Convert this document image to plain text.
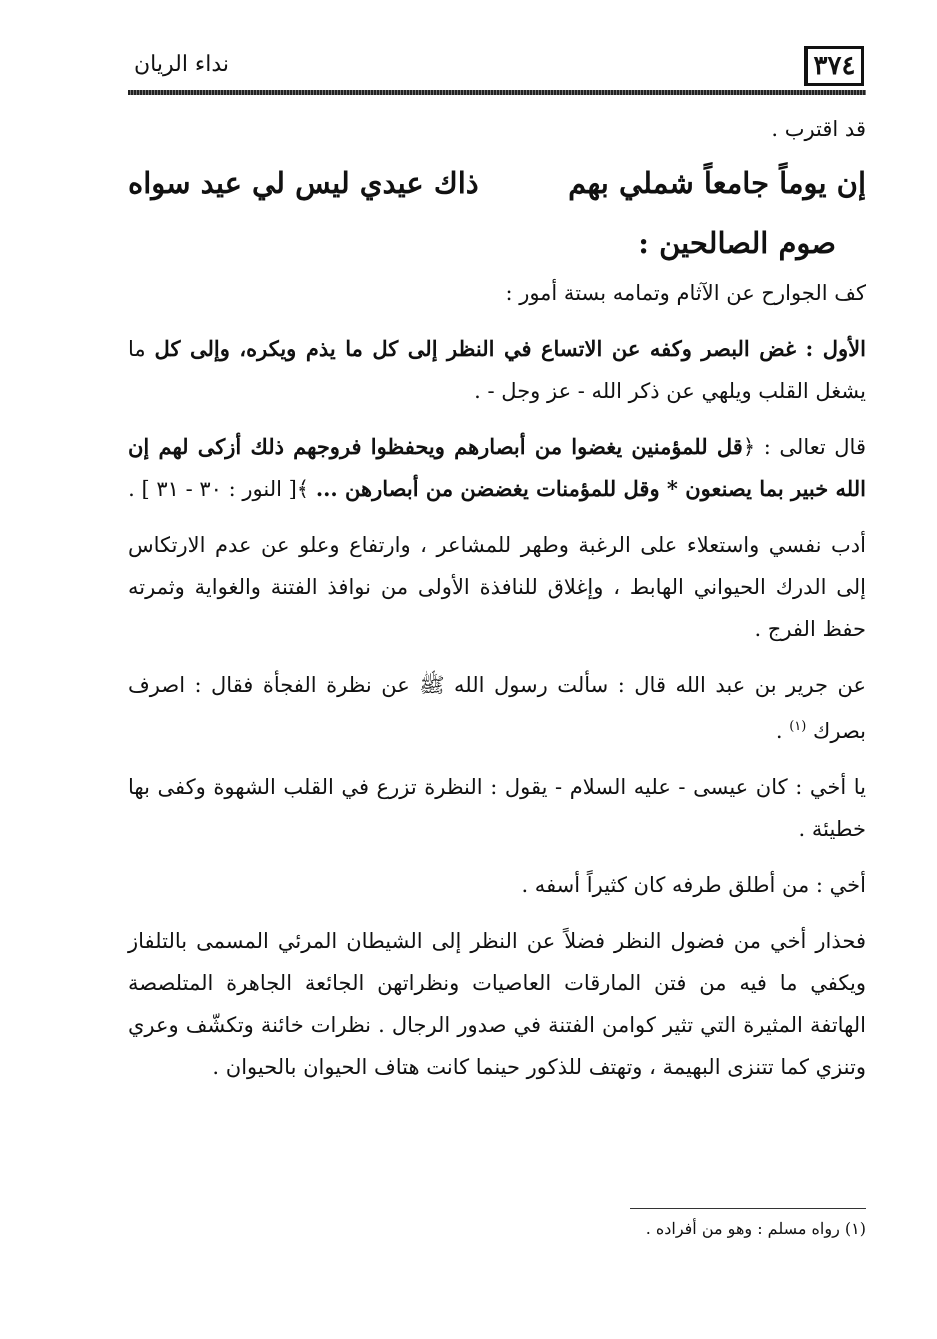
٣٧٤
نداء الريان

قد اقترب .

إن يوماً جامعاً شملي بهم
ذاك عيدي ليس لي عيد سواه
صوم الصالحين :

كف الجوارح عن الآثام وتمامه بستة أمور :

الأول : غض البصر وكفه عن الاتساع في النظر إلى كل ما يذم ويكره، وإلى كل ما يشغل القلب ويلهي عن ذكر الله - عز وجل - .

قال تعالى : ﴿قل للمؤمنين يغضوا من أبصارهم ويحفظوا فروجهم ذلك أزكى لهم إن الله خبير بما يصنعون * وقل للمؤمنات يغضضن من أبصارهن ... ﴾[ النور : ٣٠ - ٣١ ] .

أدب نفسي واستعلاء على الرغبة وطهر للمشاعر ، وارتفاع وعلو عن عدم الارتكاس إلى الدرك الحيواني الهابط ، وإغلاق للنافذة الأولى من نوافذ الفتنة والغواية وثمرته حفظ الفرج .

عن جرير بن عبد الله قال : سألت رسول الله ﷺ عن نظرة الفجأة فقال : اصرف بصرك $^{(١)}$ .

يا أخي : كان عيسى - عليه السلام - يقول : النظرة تزرع في القلب الشهوة وكفى بها خطيئة .

أخي : من أطلق طرفه كان كثيراً أسفه .

فحذار أخي من فضول النظر فضلاً عن النظر إلى الشيطان المرئي المسمى بالتلفاز ويكفي ما فيه من فتن المارقات العاصيات ونظراتهن الجائعة الجاهرة المتلصصة الهاتفة المثيرة التي تثير كوامن الفتنة في صدور الرجال . نظرات خائنة وتكشّف وعري وتنزي كما تتنزى البهيمة ، وتهتف للذكور حينما كانت هتاف الحيوان بالحيوان .

(١) رواه مسلم : وهو من أفراده .
